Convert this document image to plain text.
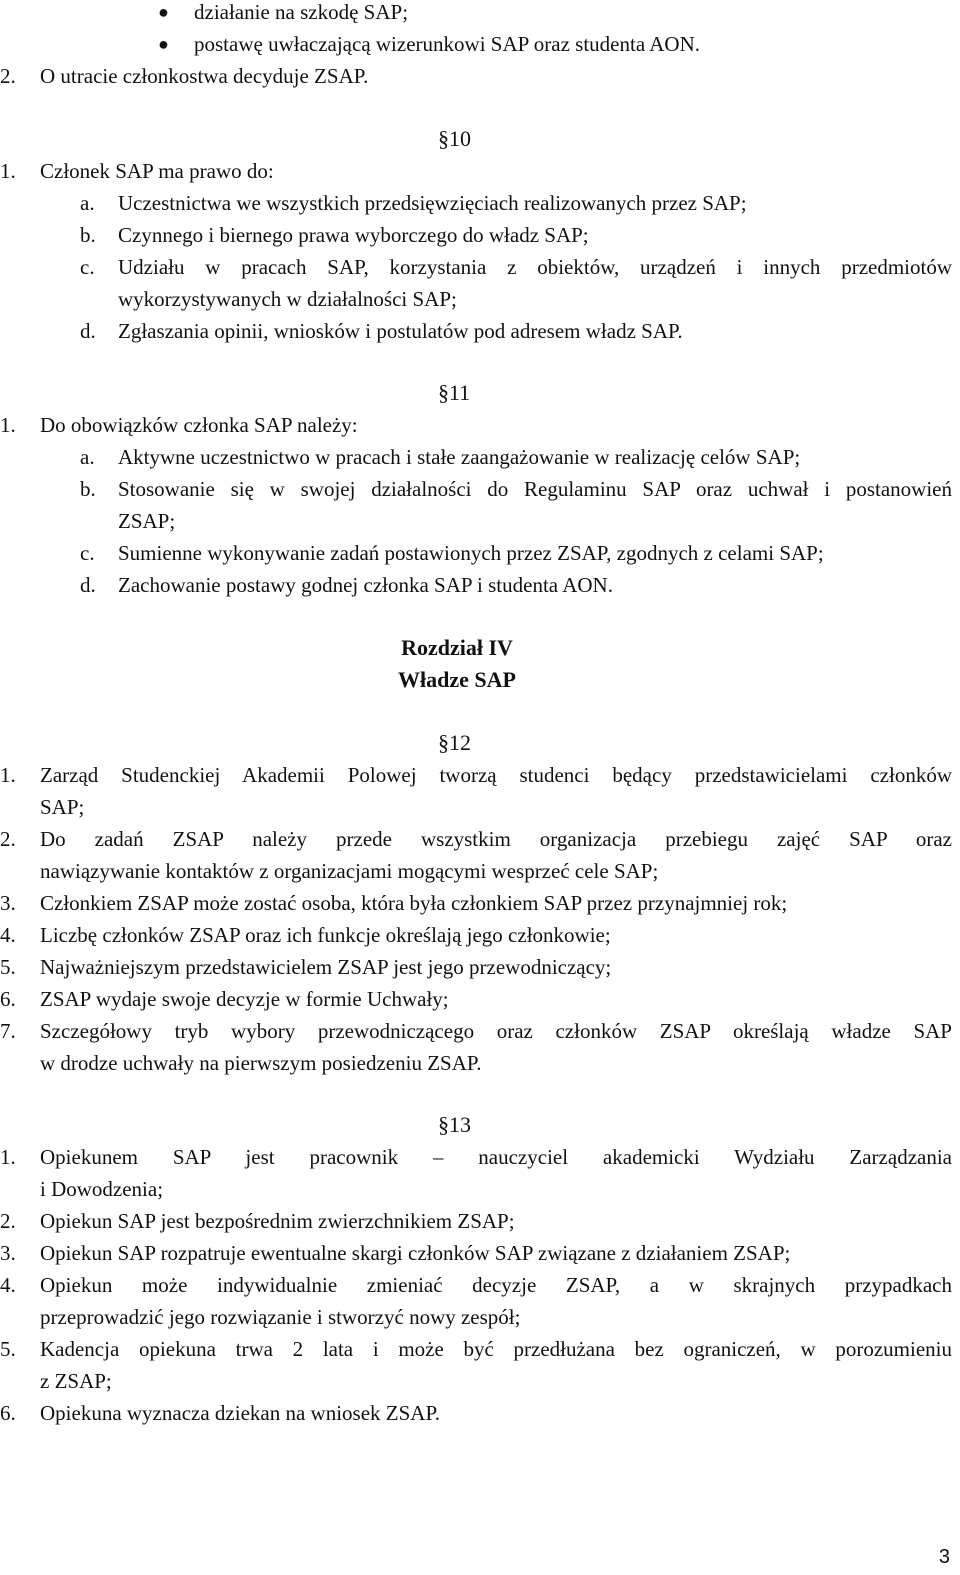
● działanie na szkodę SAP;
● postawę uwłaczającą wizerunkowi SAP oraz studenta AON.
2. O utracie członkostwa decyduje ZSAP.
§10
1. Członek SAP ma prawo do:
a. Uczestnictwa we wszystkich przedsięwzięciach realizowanych przez SAP;
b. Czynnego i biernego prawa wyborczego do władz SAP;
c. Udziału w pracach SAP, korzystania z obiektów, urządzeń i innych przedmiotów
wykorzystywanych w działalności SAP;
d. Zgłaszania opinii, wniosków i postulatów pod adresem władz SAP.
§11
1. Do obowiązków członka SAP należy:
a. Aktywne uczestnictwo w pracach i stałe zaangażowanie w realizację celów SAP;
b. Stosowanie się w swojej działalności do Regulaminu SAP oraz uchwał i postanowień
ZSAP;
c. Sumienne wykonywanie zadań postawionych przez ZSAP, zgodnych z celami SAP;
d. Zachowanie postawy godnej członka SAP i studenta AON.
Rozdział IV
Władze SAP
§12
1. Zarząd Studenckiej Akademii Polowej tworzą studenci będący przedstawicielami członków
SAP;
2. Do zadań ZSAP należy przede wszystkim organizacja przebiegu zajęć SAP oraz
nawiązywanie kontaktów z organizacjami mogącymi wesprzeć cele SAP;
3. Członkiem ZSAP może zostać osoba, która była członkiem SAP przez przynajmniej rok;
4. Liczbę członków ZSAP oraz ich funkcje określają jego członkowie;
5. Najważniejszym przedstawicielem ZSAP jest jego przewodniczący;
6. ZSAP wydaje swoje decyzje w formie Uchwały;
7. Szczegółowy tryb wybory przewodniczącego oraz członków ZSAP określają władze SAP
w drodze uchwały na pierwszym posiedzeniu ZSAP.
§13
1. Opiekunem SAP jest pracownik – nauczyciel akademicki Wydziału Zarządzania
i Dowodzenia;
2. Opiekun SAP jest bezpośrednim zwierzchnikiem ZSAP;
3. Opiekun SAP rozpatruje ewentualne skargi członków SAP związane z działaniem ZSAP;
4. Opiekun może indywidualnie zmieniać decyzje ZSAP, a w skrajnych przypadkach
przeprowadzić jego rozwiązanie i stworzyć nowy zespół;
5. Kadencja opiekuna trwa 2 lata i może być przedłużana bez ograniczeń, w porozumieniu
z ZSAP;
6. Opiekuna wyznacza dziekan na wniosek ZSAP.
3
